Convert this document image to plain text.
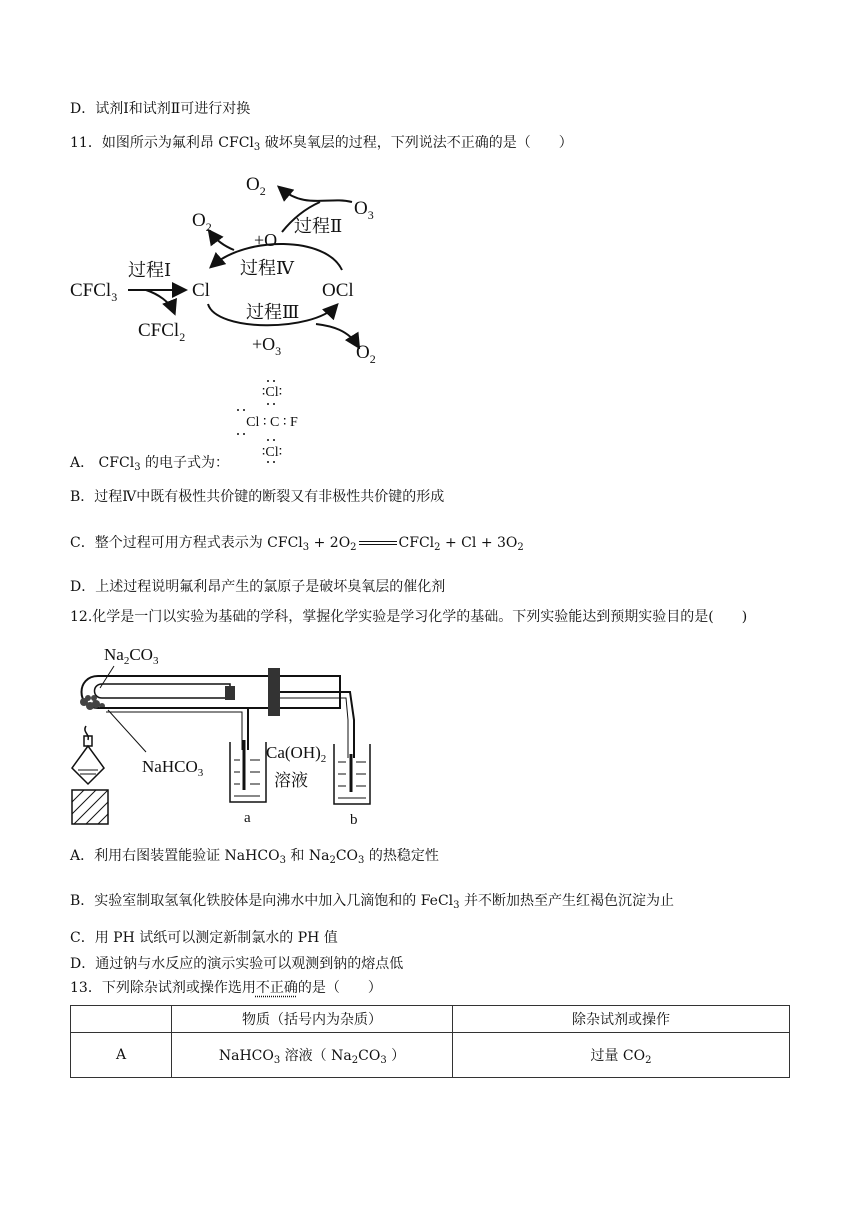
D．试剂Ⅰ和试剂Ⅱ可进行对换
11．如图所示为氟利昂 CFCl$_3$ 破坏臭氧层的过程，下列说法不正确的是（　　）
$O_2$
$O_3$
过程Ⅱ
$O_2$
+O
过程Ⅳ
过程Ⅰ
CFCl$_3$	Cl	OCl
CFCl$_2$
过程Ⅲ
$+O_3$	$O_2$
∶Cl∶
Cl ∶ C ∶ F
∶Cl∶
A． CFCl$_3$ 的电子式为：
B．过程Ⅳ中既有极性共价键的断裂又有非极性共价键的形成
C．整个过程可用方程式表示为 CFCl$_3$ + $2O_2$	CFCl$_2$ + $Cl + 3O_2$
D．上述过程说明氟利昂产生的氯原子是破坏臭氧层的催化剂
12.化学是一门以实验为基础的学科，掌握化学实验是学习化学的基础。下列实验能达到预期实验目的是(　　)
$Na_2CO_3$
$Ca(OH)_2$
溶液
a	b
NaHCO$_3$
A．利用右图装置能验证 NaHCO$_3$ 和 $Na_2CO_3$ 的热稳定性
B．实验室制取氢氧化铁胶体是向沸水中加入几滴饱和的 FeCl$_3$ 并不断加热至产生红褐色沉淀为止
C．用 PH 试纸可以测定新制氯水的 PH 值
D．通过钠与水反应的演示实验可以观测到钠的熔点低
13．下列除杂试剂或操作选用不正确的是（　　）
	物质（括号内为杂质）	除杂试剂或操作
A	NaHCO$_3$ 溶液（ $Na_2CO_3$ ）	过量 $CO_2$
